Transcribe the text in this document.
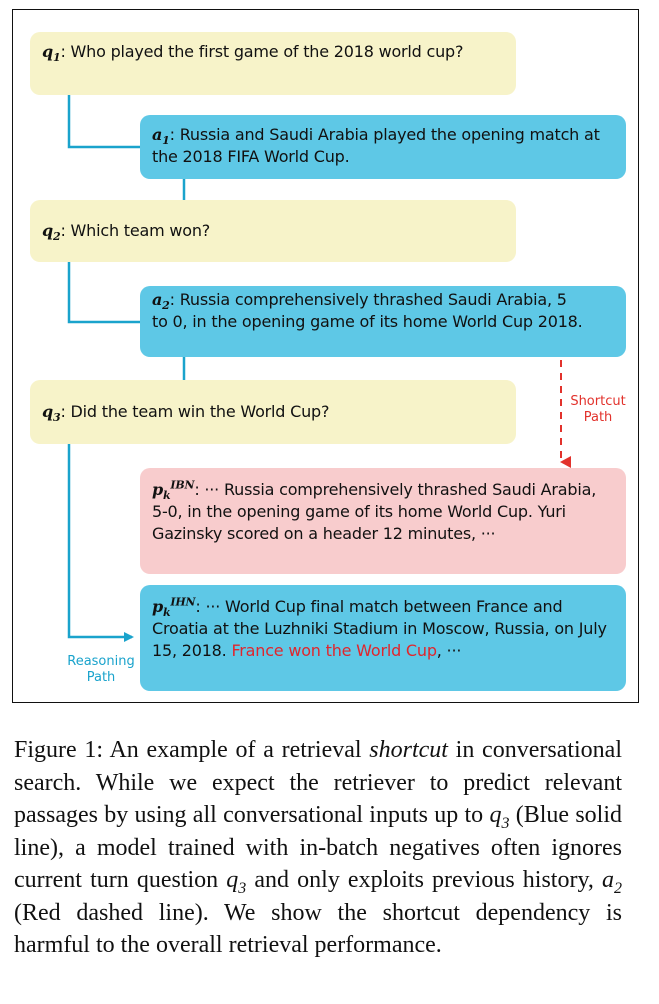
$q_1$: Who played the first game of the 2018 world cup?
$a_1$: Russia and Saudi Arabia played the opening match at the 2018 FIFA World Cup.
$q_2$: Which team won?
$a_2$: Russia comprehensively thrashed Saudi Arabia, 5 to 0, in the opening game of its home World Cup 2018.
$q_3$: Did the team win the World Cup?
$p_k^{IBN}$: ··· Russia comprehensively thrashed Saudi Arabia, 5-0, in the opening game of its home World Cup. Yuri Gazinsky scored on a header 12 minutes, ···
$p_k^{IHN}$: ··· World Cup final match between France and Croatia at the Luzhniki Stadium in Moscow, Russia, on July 15, 2018. France won the World Cup, ···
Shortcut
Path
Reasoning
Path
Figure 1: An example of a retrieval shortcut in conversational search. While we expect the retriever to predict relevant passages by using all conversational inputs up to $q_3$ (Blue solid line), a model trained with in-batch negatives often ignores current turn question $q_3$ and only exploits previous history, $a_2$ (Red dashed line). We show the shortcut dependency is harmful to the overall retrieval performance.
